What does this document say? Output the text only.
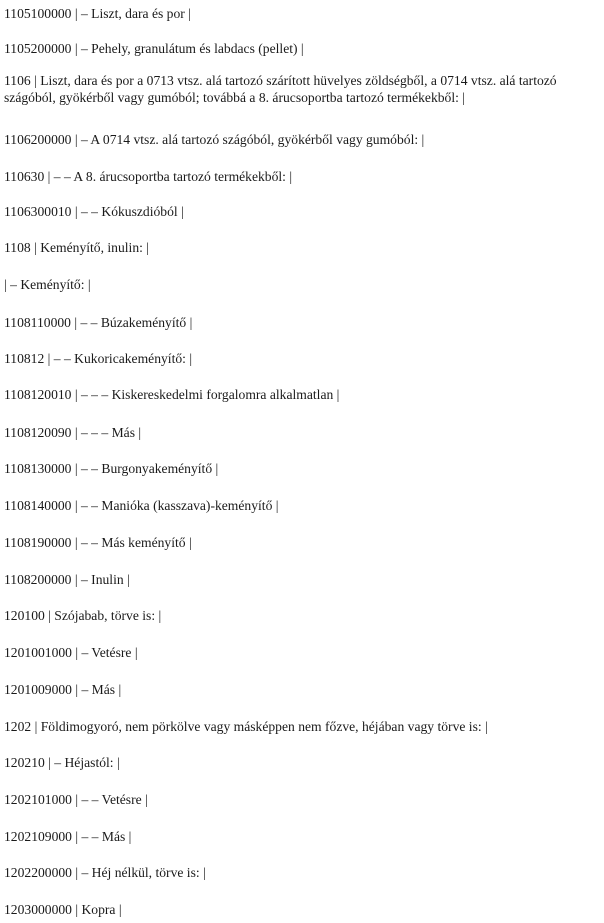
1105100000 | – Liszt, dara és por |
1105200000 | – Pehely, granulátum és labdacs (pellet) |
1106 | Liszt, dara és por a 0713 vtsz. alá tartozó szárított hüvelyes zöldségből, a 0714 vtsz. alá tartozó szágóból, gyökérből vagy gumóból; továbbá a 8. árucsoportba tartozó termékekből: |
1106200000 | – A 0714 vtsz. alá tartozó szágóból, gyökérből vagy gumóból: |
110630 | – – A 8. árucsoportba tartozó termékekből: |
1106300010 | – – Kókuszdióból |
1108 | Keményítő, inulin: |
| – Keményítő: |
1108110000 | – – Búzakeményítő |
110812 | – – Kukoricakeményítő: |
1108120010 | – – – Kiskereskedelmi forgalomra alkalmatlan |
1108120090 | – – – Más |
1108130000 | – – Burgonyakeményítő |
1108140000 | – – Manióka (kasszava)-keményítő |
1108190000 | – – Más keményítő |
1108200000 | – Inulin |
120100 | Szójabab, törve is: |
1201001000 | – Vetésre |
1201009000 | – Más |
1202 | Földimogyoró, nem pörkölve vagy másképpen nem főzve, héjában vagy törve is: |
120210 | – Héjastól: |
1202101000 | – – Vetésre |
1202109000 | – – Más |
1202200000 | – Héj nélkül, törve is: |
1203000000 | Kopra |
